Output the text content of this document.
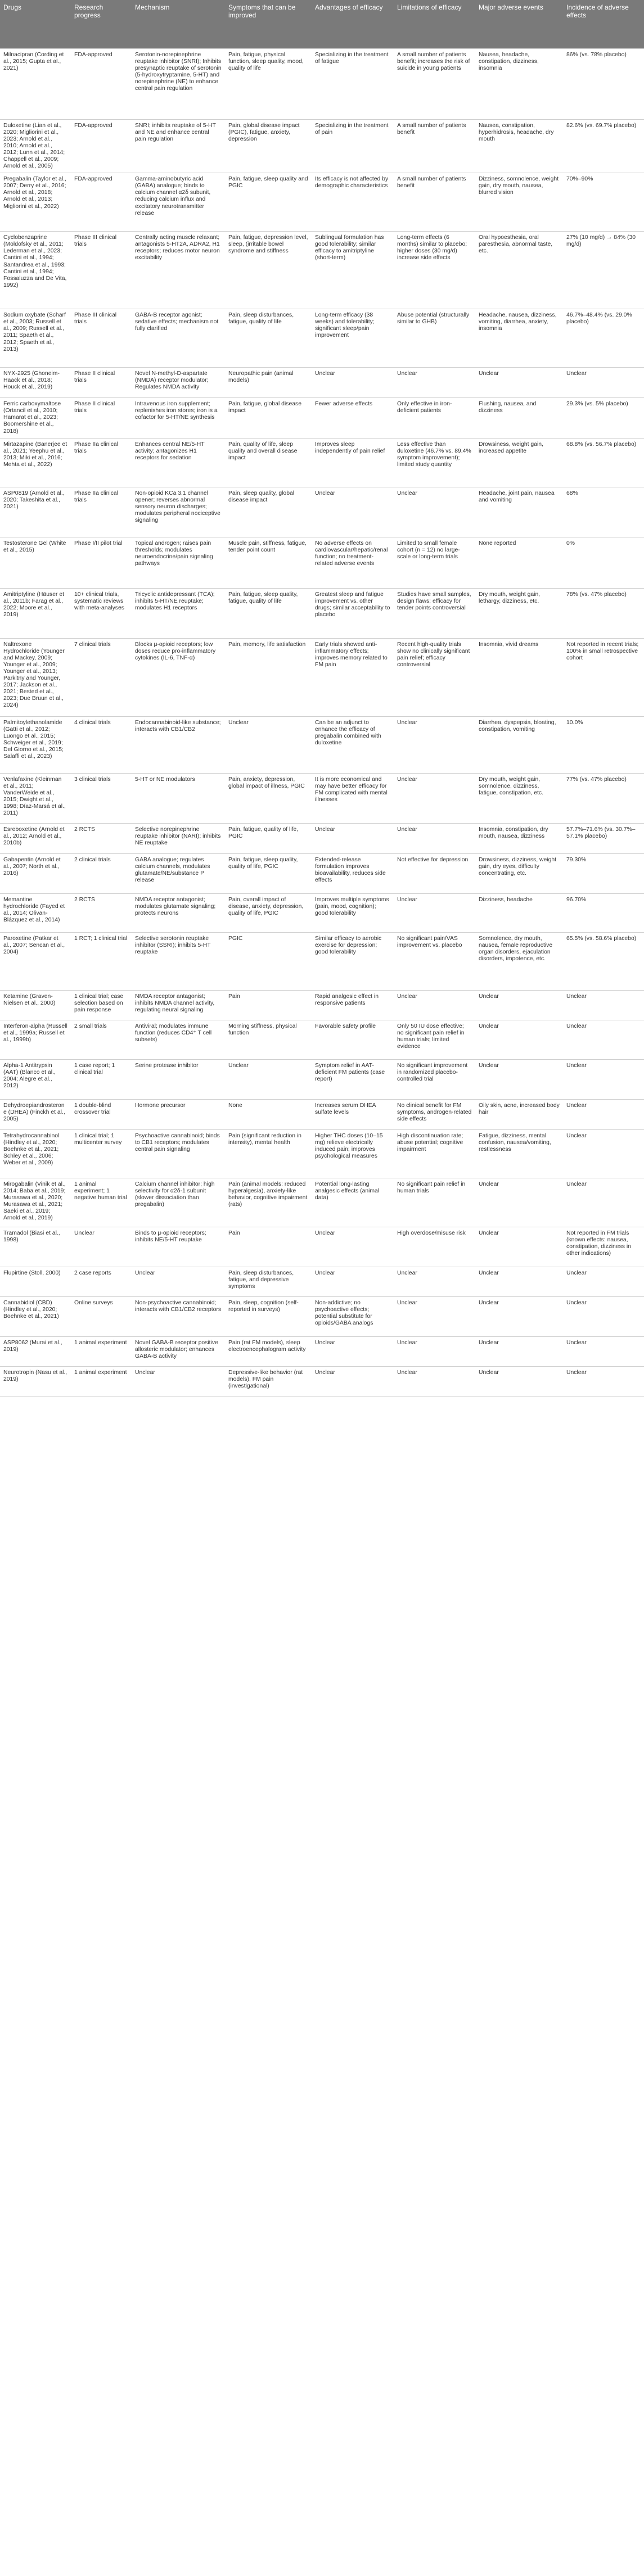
Drugs	Research progress	Mechanism	Symptoms that can be improved	Advantages of efficacy	Limitations of efficacy	Major adverse events	Incidence of adverse effects
Milnacipran (Cording et al., 2015; Gupta et al., 2021)	FDA-approved	Serotonin-norepinephrine reuptake inhibitor (SNRI); Inhibits presynaptic reuptake of serotonin (5-hydroxytryptamine, 5-HT) and norepinephrine (NE) to enhance central pain regulation	Pain, fatigue, physical function, sleep quality, mood, quality of life	Specializing in the treatment of fatigue	A small number of patients benefit; increases the risk of suicide in young patients	Nausea, headache, constipation, dizziness, insomnia	86% (vs. 78% placebo)
Duloxetine (Lian et al., 2020; Migliorini et al., 2023; Arnold et al., 2010; Arnold et al., 2012; Lunn et al., 2014; Chappell et al., 2009; Arnold et al., 2005)	FDA-approved	SNRI; inhibits reuptake of 5-HT and NE and enhance central pain regulation	Pain, global disease impact (PGIC), fatigue, anxiety, depression	Specializing in the treatment of pain	A small number of patients benefit	Nausea, constipation, hyperhidrosis, headache, dry mouth	82.6% (vs. 69.7% placebo)
Pregabalin (Taylor et al., 2007; Derry et al., 2016; Arnold et al., 2018; Arnold et al., 2013; Migliorini et al., 2022)	FDA-approved	Gamma-aminobutyric acid (GABA) analogue; binds to calcium channel α2δ subunit, reducing calcium influx and excitatory neurotransmitter release	Pain, fatigue, sleep quality and PGIC	Its efficacy is not affected by demographic characteristics	A small number of patients benefit	Dizziness, somnolence, weight gain, dry mouth, nausea, blurred vision	70%–90%
Cyclobenzaprine (Moldofsky et al., 2011; Lederman et al., 2023; Cantini et al., 1994; Santandrea et al., 1993; Cantini et al., 1994; Fossaluzza and De Vita, 1992)	Phase III clinical trials	Centrally acting muscle relaxant; antagonists 5-HT2A, ADRA2, H1 receptors; reduces motor neuron excitability	Pain, fatigue, depression level, sleep, (irritable bowel syndrome and stiffness	Sublingual formulation has good tolerability; similar efficacy to amitriptyline (short-term)	Long-term effects (6 months) similar to placebo; higher doses (30 mg/d) increase side effects	Oral hypoesthesia, oral paresthesia, abnormal taste, etc.	27% (10 mg/d) → 84% (30 mg/d)
Sodium oxybate (Scharf et al., 2003; Russell et al., 2009; Russell et al., 2011; Spaeth et al., 2012; Spaeth et al., 2013)	Phase III clinical trials	GABA-B receptor agonist; sedative effects; mechanism not fully clarified	Pain, sleep disturbances, fatigue, quality of life	Long-term efficacy (38 weeks) and tolerability; significant sleep/pain improvement	Abuse potential (structurally similar to GHB)	Headache, nausea, dizziness, vomiting, diarrhea, anxiety, insomnia	46.7%–48.4% (vs. 29.0% placebo)
NYX-2925 (Ghoneim-Haack et al., 2018; Houck et al., 2019)	Phase II clinical trials	Novel N-methyl-D-aspartate (NMDA) receptor modulator; Regulates NMDA activity	Neuropathic pain (animal models)	Unclear	Unclear	Unclear	Unclear
Ferric carboxymaltose (Ortancil et al., 2010; Hamarat et al., 2023; Boomershine et al., 2018)	Phase II clinical trials	Intravenous iron supplement; replenishes iron stores; iron is a cofactor for 5-HT/NE synthesis	Pain, fatigue, global disease impact	Fewer adverse effects	Only effective in iron-deficient patients	Flushing, nausea, and dizziness	29.3% (vs. 5% placebo)
Mirtazapine (Banerjee et al., 2021; Yeephu et al., 2013; Miki et al., 2016; Mehta et al., 2022)	Phase IIa clinical trials	Enhances central NE/5-HT activity; antagonizes H1 receptors for sedation	Pain, quality of life, sleep quality and overall disease impact	Improves sleep independently of pain relief	Less effective than duloxetine (46.7% vs. 89.4% symptom improvement); limited study quantity	Drowsiness, weight gain, increased appetite	68.8% (vs. 56.7% placebo)
ASP0819 (Arnold et al., 2020; Takeshita et al., 2021)	Phase IIa clinical trials	Non-opioid KCa 3.1 channel opener; reverses abnormal sensory neuron discharges; modulates peripheral nociceptive signaling	Pain, sleep quality, global disease impact	Unclear	Unclear	Headache, joint pain, nausea and vomiting	68%
Testosterone Gel (White et al., 2015)	Phase I/II pilot trial	Topical androgen; raises pain thresholds; modulates neuroendocrine/pain signaling pathways	Muscle pain, stiffness, fatigue, tender point count	No adverse effects on cardiovascular/hepatic/renal function; no treatment-related adverse events	Limited to small female cohort (n = 12) no large-scale or long-term trials	None reported	0%
Amitriptyline (Häuser et al., 2011b; Farag et al., 2022; Moore et al., 2019)	10+ clinical trials, systematic reviews with meta-analyses	Tricyclic antidepressant (TCA); inhibits 5-HT/NE reuptake; modulates H1 receptors	Pain, fatigue, sleep quality, fatigue, quality of life	Greatest sleep and fatigue improvement vs. other drugs; similar acceptability to placebo	Studies have small samples, design flaws; efficacy for tender points controversial	Dry mouth, weight gain, lethargy, dizziness, etc.	78% (vs. 47% placebo)
Naltrexone Hydrochloride (Younger and Mackey, 2009; Younger et al., 2009; Younger et al., 2013; Parkitny and Younger, 2017; Jackson et al., 2021; Bested et al., 2023; Due Bruun et al., 2024)	7 clinical trials	Blocks μ-opioid receptors; low doses reduce pro-inflammatory cytokines (IL-6, TNF-α)	Pain, memory, life satisfaction	Early trials showed anti-inflammatory effects; improves memory related to FM pain	Recent high-quality trials show no clinically significant pain relief; efficacy controversial	Insomnia, vivid dreams	Not reported in recent trials; 100% in small retrospective cohort
Palmitoylethanolamide (Gatti et al., 2012; Luongo et al., 2015; Schweiger et al., 2019; Del Giorno et al., 2015; Salaffi et al., 2023)	4 clinical trials	Endocannabinoid-like substance; interacts with CB1/CB2	Unclear	Can be an adjunct to enhance the efficacy of pregabalin combined with duloxetine	Unclear	Diarrhea, dyspepsia, bloating, constipation, vomiting	10.0%
Venlafaxine (Kleinman et al., 2011; VanderWeide et al., 2015; Dwight et al., 1998; Díaz-Marsá et al., 2011)	3 clinical trials	5-HT or NE modulators	Pain, anxiety, depression, global impact of illness, PGIC	It is more economical and may have better efficacy for FM complicated with mental illnesses	Unclear	Dry mouth, weight gain, somnolence, dizziness, fatigue, constipation, etc.	77% (vs. 47% placebo)
Esreboxetine (Arnold et al., 2012; Arnold et al., 2010b)	2 RCTS	Selective norepinephrine reuptake inhibitor (NARI); inhibits NE reuptake	Pain, fatigue, quality of life, PGIC	Unclear	Unclear	Insomnia, constipation, dry mouth, nausea, dizziness	57.7%–71.6% (vs. 30.7%–57.1% placebo)
Gabapentin (Arnold et al., 2007; North et al., 2016)	2 clinical trials	GABA analogue; regulates calcium channels, modulates glutamate/NE/substance P release	Pain, fatigue, sleep quality, quality of life, PGIC	Extended-release formulation improves bioavailability, reduces side effects	Not effective for depression	Drowsiness, dizziness, weight gain, dry eyes, difficulty concentrating, etc.	79.30%
Memantine hydrochloride (Fayed et al., 2014; Olivan-Blázquez et al., 2014)	2 RCTS	NMDA receptor antagonist; modulates glutamate signaling; protects neurons	Pain, overall impact of disease, anxiety, depression, quality of life, PGIC	Improves multiple symptoms (pain, mood, cognition); good tolerability	Unclear	Dizziness, headache	96.70%
Paroxetine (Patkar et al., 2007; Sencan et al., 2004)	1 RCT; 1 clinical trial	Selective serotonin reuptake inhibitor (SSRI); inhibits 5-HT reuptake	PGIC	Similar efficacy to aerobic exercise for depression; good tolerability	No significant pain/VAS improvement vs. placebo	Somnolence, dry mouth, nausea, female reproductive organ disorders, ejaculation disorders, impotence, etc.	65.5% (vs. 58.6% placebo)
Ketamine (Graven-Nielsen et al., 2000)	1 clinical trial; case selection based on pain response	NMDA receptor antagonist; inhibits NMDA channel activity, regulating neural signaling	Pain	Rapid analgesic effect in responsive patients	Unclear	Unclear	Unclear
Interferon-alpha (Russell et al., 1999a; Russell et al., 1999b)	2 small trials	Antiviral; modulates immune function (reduces CD4⁺ T cell subsets)	Morning stiffness, physical function	Favorable safety profile	Only 50 IU dose effective; no significant pain relief in human trials; limited evidence	Unclear	Unclear
Alpha-1 Antitrypsin (AAT) (Blanco et al., 2004; Alegre et al., 2012)	1 case report; 1 clinical trial	Serine protease inhibitor	Unclear	Symptom relief in AAT-deficient FM patients (case report)	No significant improvement in randomized placebo-controlled trial	Unclear	Unclear
Dehydroepiandrosterone (DHEA) (Finckh et al., 2005)	1 double-blind crossover trial	Hormone precursor	None	Increases serum DHEA sulfate levels	No clinical benefit for FM symptoms, androgen-related side effects	Oily skin, acne, increased body hair	Unclear
Tetrahydrocannabinol (Hindley et al., 2020; Boehnke et al., 2021; Schley et al., 2006; Weber et al., 2009)	1 clinical trial; 1 multicenter survey	Psychoactive cannabinoid; binds to CB1 receptors; modulates central pain signaling	Pain (significant reduction in intensity), mental health	Higher THC doses (10–15 mg) relieve electrically induced pain; improves psychological measures	High discontinuation rate; abuse potential; cognitive impairment	Fatigue, dizziness, mental confusion, nausea/vomiting, restlessness	Unclear
Mirogabalin (Vinik et al., 2014; Baba et al., 2019; Murasawa et al., 2020; Murasawa et al., 2021; Saeki et al., 2019; Arnold et al., 2019)	1 animal experiment; 1 negative human trial	Calcium channel inhibitor; high selectivity for α2δ-1 subunit (slower dissociation than pregabalin)	Pain (animal models: reduced hyperalgesia), anxiety-like behavior, cognitive impairment (rats)	Potential long-lasting analgesic effects (animal data)	No significant pain relief in human trials	Unclear	Unclear
Tramadol (Biasi et al., 1998)	Unclear	Binds to μ-opioid receptors; inhibits NE/5-HT reuptake	Pain	Unclear	High overdose/misuse risk	Unclear	Not reported in FM trials (known effects: nausea, constipation, dizziness in other indications)
Flupirtine (Stoll, 2000)	2 case reports	Unclear	Pain, sleep disturbances, fatigue, and depressive symptoms	Unclear	Unclear	Unclear	Unclear
Cannabidiol (CBD) (Hindley et al., 2020; Boehnke et al., 2021)	Online surveys	Non-psychoactive cannabinoid; interacts with CB1/CB2 receptors	Pain, sleep, cognition (self-reported in surveys)	Non-addictive; no psychoactive effects; potential substitute for opioids/GABA analogs	Unclear	Unclear	Unclear
ASP8062 (Murai et al., 2019)	1 animal experiment	Novel GABA-B receptor positive allosteric modulator; enhances GABA-B activity	Pain (rat FM models), sleep electroencephalogram activity	Unclear	Unclear	Unclear	Unclear
Neurotropin (Nasu et al., 2019)	1 animal experiment	Unclear	Depressive-like behavior (rat models), FM pain (investigational)	Unclear	Unclear	Unclear	Unclear
